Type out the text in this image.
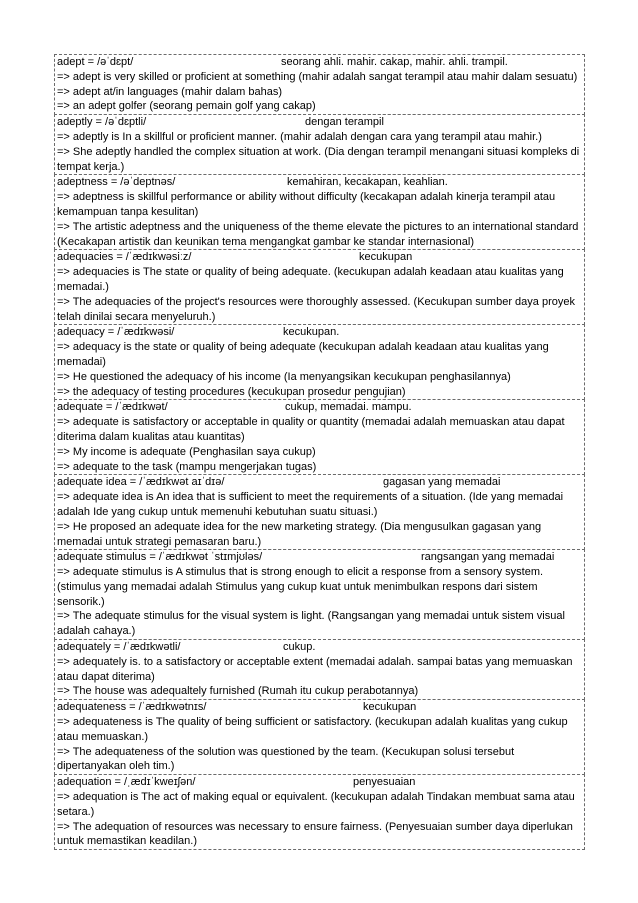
adept = /əˈdɛpt/	seorang ahli. mahir. cakap, mahir. ahli. trampil.

=> adept is very skilled or proficient at something (mahir adalah sangat terampil atau mahir dalam sesuatu)

=> adept at/in languages (mahir dalam bahas)

=> an adept golfer (seorang pemain golf yang cakap)

adeptly = /əˈdɛptli/	dengan terampil

=> adeptly is In a skillful or proficient manner. (mahir adalah dengan cara yang terampil atau mahir.)

=> She adeptly handled the complex situation at work. (Dia dengan terampil menangani situasi kompleks di tempat kerja.)

adeptness = /əˈdeptnəs/	kemahiran, kecakapan, keahlian.

=> adeptness is skillful performance or ability without difficulty (kecakapan adalah kinerja terampil atau kemampuan tanpa kesulitan)

=> The artistic adeptness and the uniqueness of the theme elevate the pictures to an international standard (Kecakapan artistik dan keunikan tema mengangkat gambar ke standar internasional)

adequacies = /ˈædɪkwəsiːz/	kecukupan

=> adequacies is The state or quality of being adequate. (kecukupan adalah keadaan atau kualitas yang memadai.)

=> The adequacies of the project's resources were thoroughly assessed. (Kecukupan sumber daya proyek telah dinilai secara menyeluruh.)

adequacy = /ˈædɪkwəsi/	kecukupan.

=> adequacy is the state or quality of being adequate (kecukupan adalah keadaan atau kualitas yang memadai)

=> He questioned the adequacy of his income (Ia menyangsikan kecukupan penghasilannya)

=> the adequacy of testing procedures (kecukupan prosedur pengujian)

adequate = /ˈædɪkwət/	cukup, memadai. mampu.

=> adequate is satisfactory or acceptable in quality or quantity (memadai adalah memuaskan atau dapat diterima dalam kualitas atau kuantitas)

=> My income is adequate (Penghasilan saya cukup)

=> adequate to the task (mampu mengerjakan tugas)

adequate idea = /ˈædɪkwət aɪˈdɪə/	gagasan yang memadai

=> adequate idea is An idea that is sufficient to meet the requirements of a situation. (Ide yang memadai adalah Ide yang cukup untuk memenuhi kebutuhan suatu situasi.)

=> He proposed an adequate idea for the new marketing strategy. (Dia mengusulkan gagasan yang memadai untuk strategi pemasaran baru.)

adequate stimulus = /ˈædɪkwət ˈstɪmjʊləs/	rangsangan yang memadai

=> adequate stimulus is A stimulus that is strong enough to elicit a response from a sensory system. (stimulus yang memadai adalah Stimulus yang cukup kuat untuk menimbulkan respons dari sistem sensorik.)

=> The adequate stimulus for the visual system is light. (Rangsangan yang memadai untuk sistem visual adalah cahaya.)

adequately = /ˈædɪkwətli/	cukup.

=> adequately is. to a satisfactory or acceptable extent (memadai adalah. sampai batas yang memuaskan atau dapat diterima)

=> The house was adequaltely furnished (Rumah itu cukup perabotannya)

adequateness = /ˈædɪkwətnɪs/	kecukupan

=> adequateness is The quality of being sufficient or satisfactory. (kecukupan adalah kualitas yang cukup atau memuaskan.)

=> The adequateness of the solution was questioned by the team. (Kecukupan solusi tersebut dipertanyakan oleh tim.)

adequation = /ˌædɪˈkweɪʃən/	penyesuaian

=> adequation is The act of making equal or equivalent. (kecukupan adalah Tindakan membuat sama atau setara.)

=> The adequation of resources was necessary to ensure fairness. (Penyesuaian sumber daya diperlukan untuk memastikan keadilan.)
